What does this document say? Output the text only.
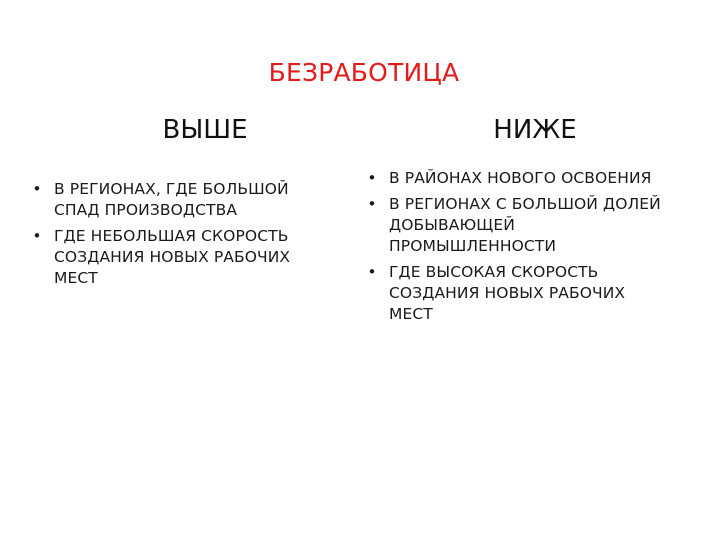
БЕЗРАБОТИЦА
ВЫШЕ	НИЖЕ
• В РЕГИОНАХ, ГДЕ БОЛЬШОЙ
СПАД ПРОИЗВОДСТВА
• ГДЕ НЕБОЛЬШАЯ СКОРОСТЬ
СОЗДАНИЯ НОВЫХ РАБОЧИХ
МЕСТ
• В РАЙОНАХ НОВОГО ОСВОЕНИЯ
• В РЕГИОНАХ С БОЛЬШОЙ ДОЛЕЙ
ДОБЫВАЮЩЕЙ
ПРОМЫШЛЕННОСТИ
• ГДЕ ВЫСОКАЯ СКОРОСТЬ
СОЗДАНИЯ НОВЫХ РАБОЧИХ
МЕСТ
